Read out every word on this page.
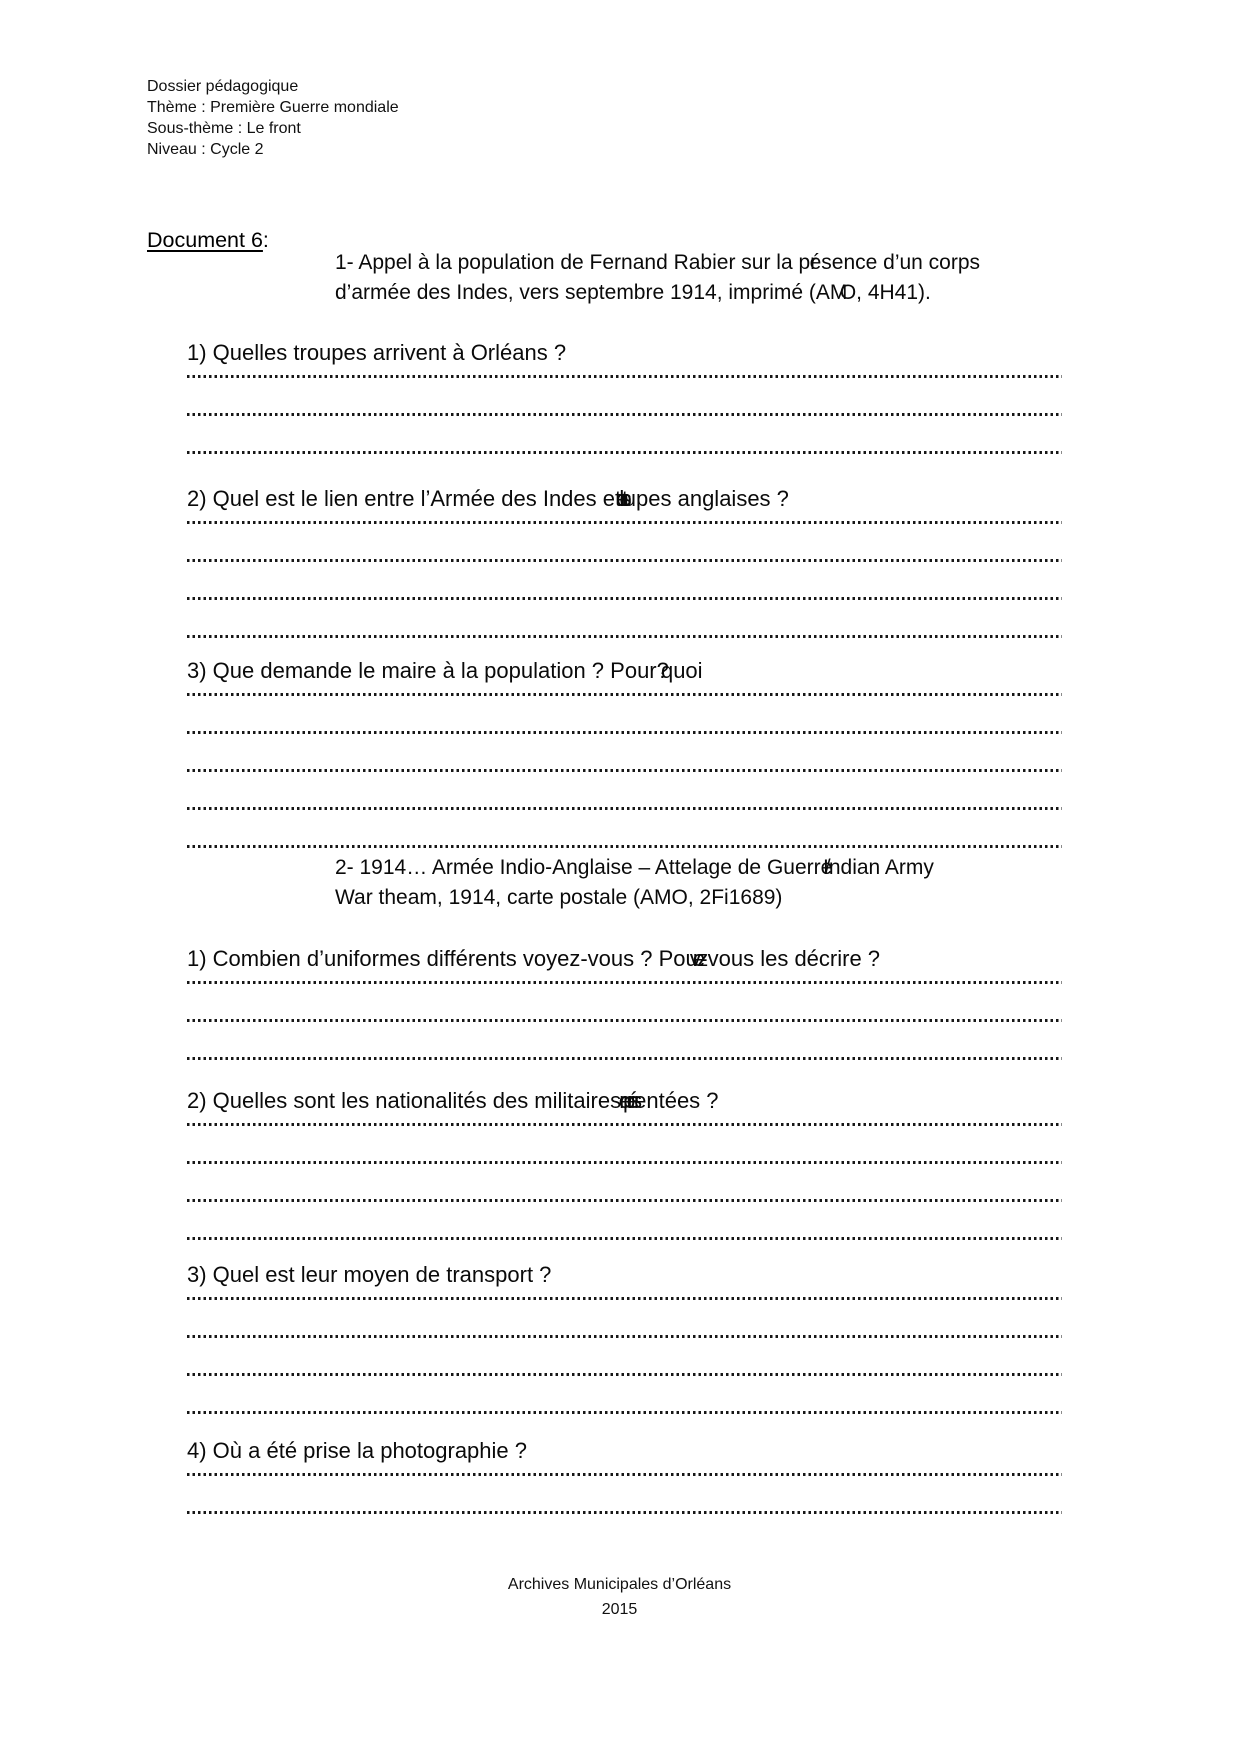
Dossier pédagogique
Thème : Première Guerre mondiale
Sous-thème : Le front
Niveau : Cycle 2
Document 6:
1- Appel à la population de Fernand Rabier sur la pré sence d’un corps
d’armée des Indes, vers septembre 1914, imprimé (AMO , 4H41).

1) Quelles troupes arrivent à Orléans ?

2) Quel est le lien entre l’Armée des Indes et les trou pes anglaises ?

3) Que demande le maire à la population ? Pour?q uoi

2- 1914… Armée Indio-Anglaise – Attelage de Guerre/I ndian Army
War theam, 1914, carte postale (AMO, 2Fi1689)

1) Combien d’uniformes différents voyez-vous ? Pouvez- vous les décrire ?

2) Quelles sont les nationalités des militaires représe ntées ?

3) Quel est leur moyen de transport ?

4) Où a été prise la photographie ?

Archives Municipales d’Orléans
2015
